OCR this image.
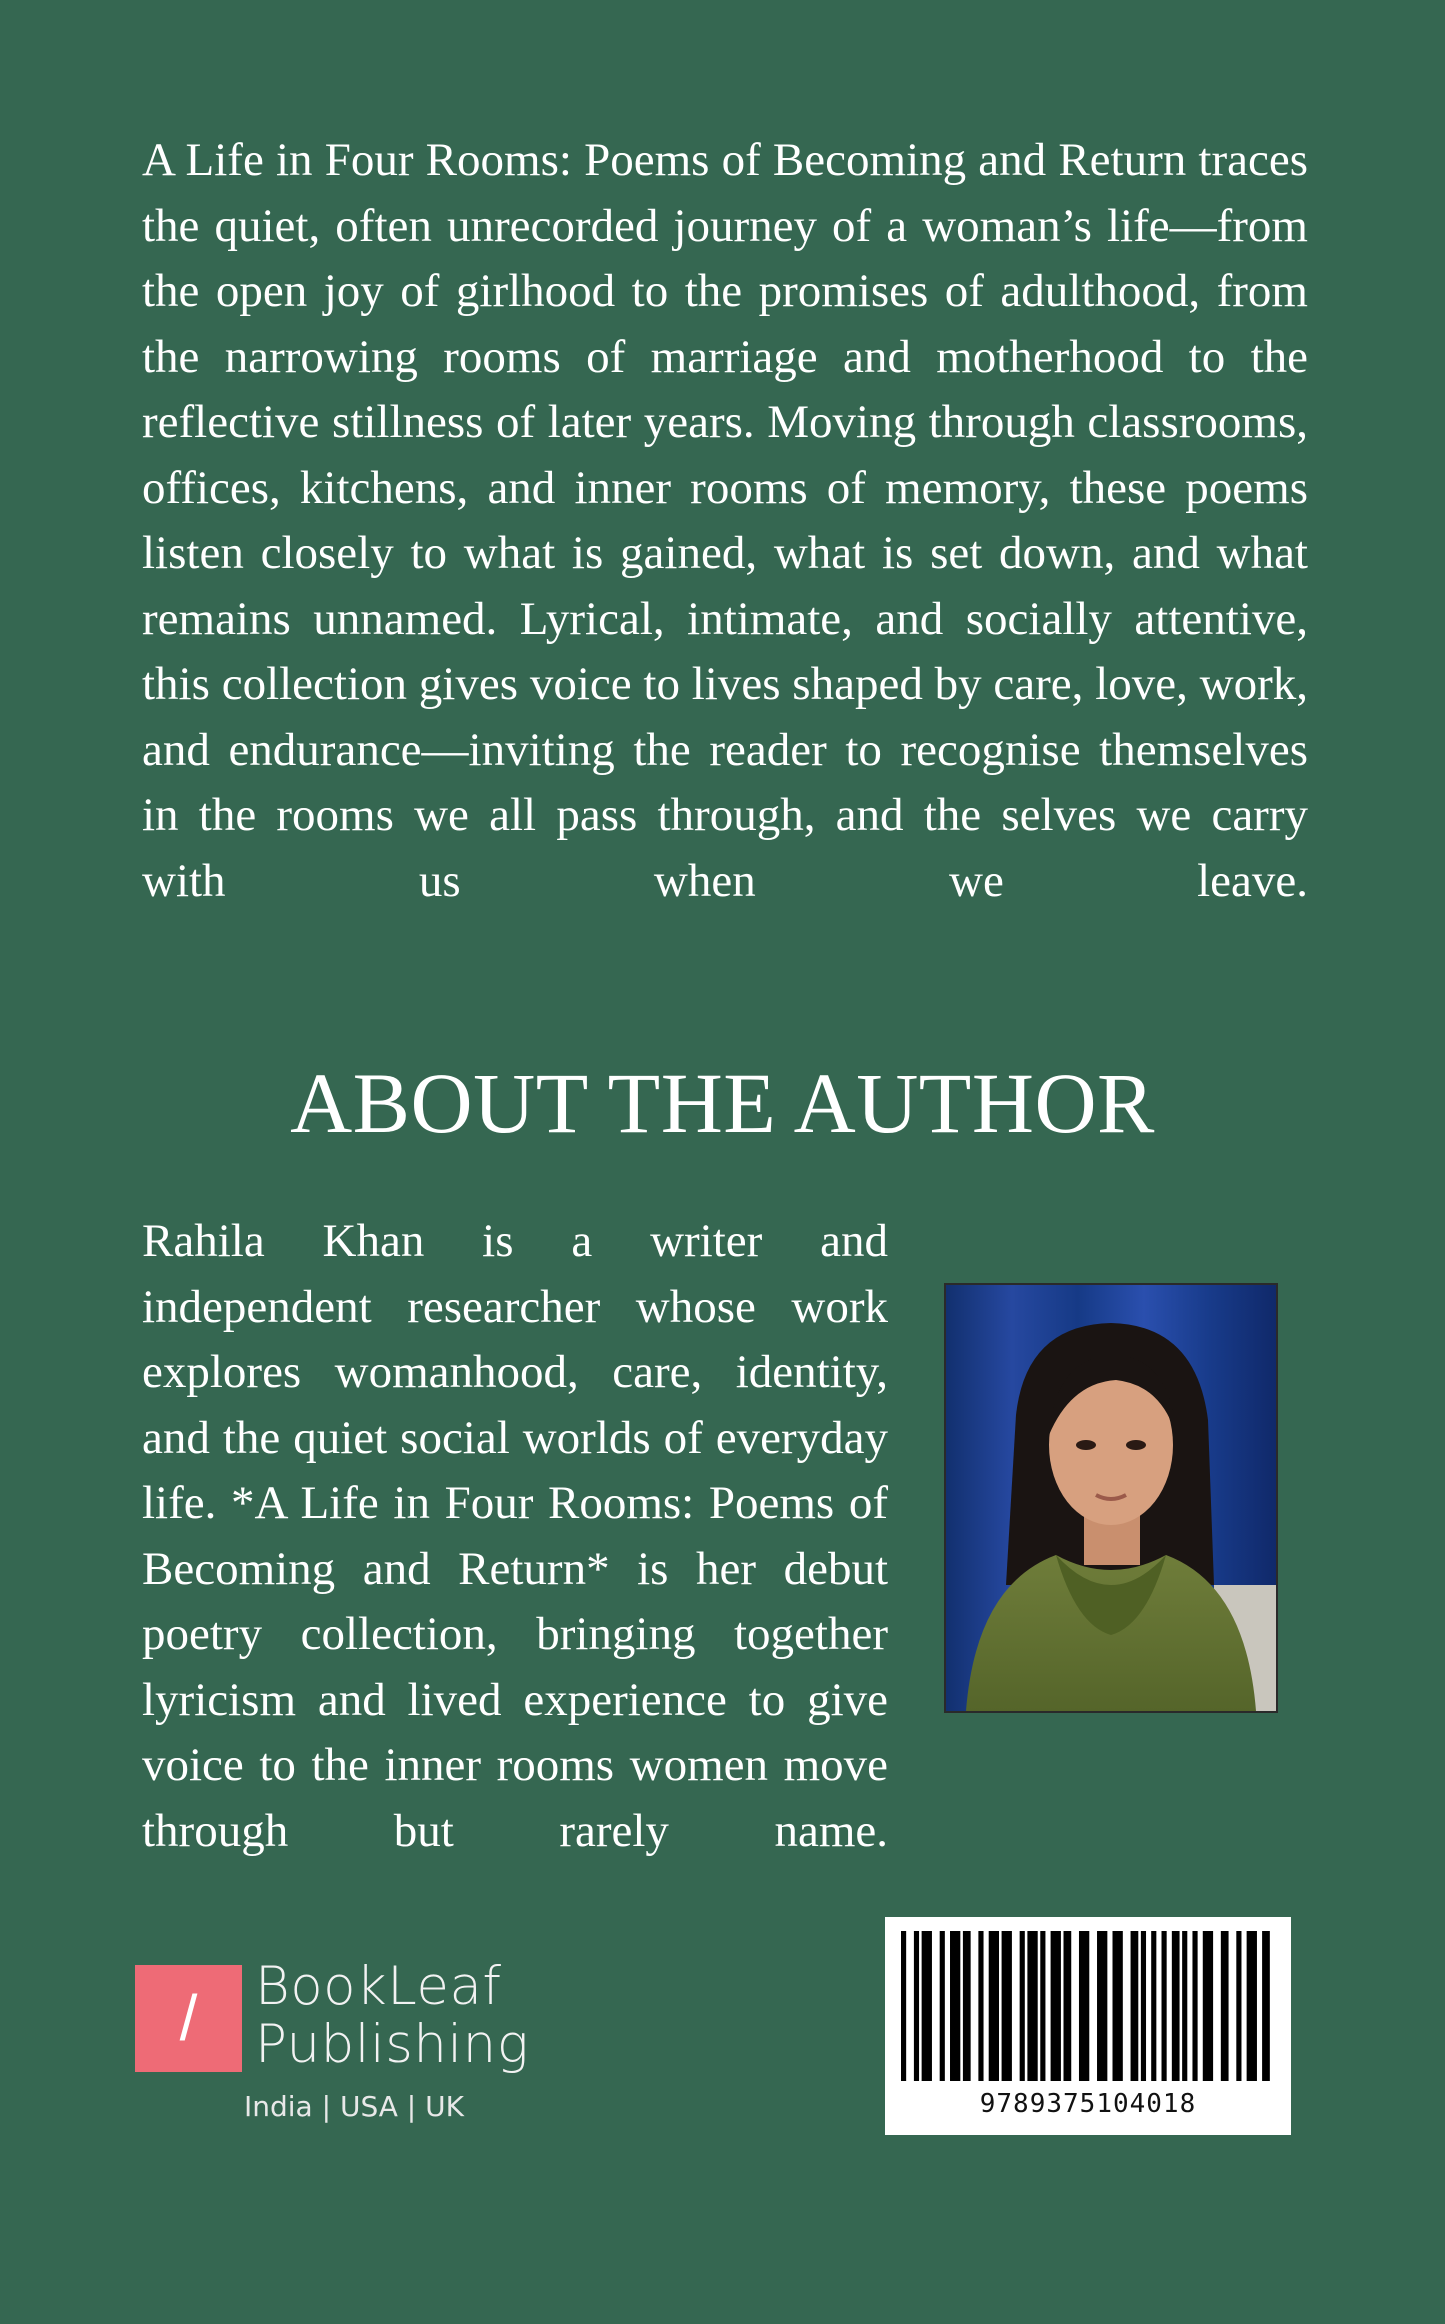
A Life in Four Rooms: Poems of Becoming and Return traces the quiet, often unrecorded journey of a woman’s life—from the open joy of girlhood to the promises of adulthood, from the narrowing rooms of marriage and motherhood to the reflective stillness of later years. Moving through classrooms, offices, kitchens, and inner rooms of memory, these poems listen closely to what is gained, what is set down, and what remains unnamed. Lyrical, intimate, and socially attentive, this collection gives voice to lives shaped by care, love, work, and endurance—inviting the reader to recognise themselves in the rooms we all pass through, and the selves we carry with us when we leave.

ABOUT THE AUTHOR

Rahila Khan is a writer and independent researcher whose work explores womanhood, care, identity, and the quiet social worlds of everyday life. *A Life in Four Rooms: Poems of Becoming and Return* is her debut poetry collection, bringing together lyricism and lived experience to give voice to the inner rooms women move through but rarely name.

/	BookLeaf
Publishing
India | USA | UK	9789375104018
